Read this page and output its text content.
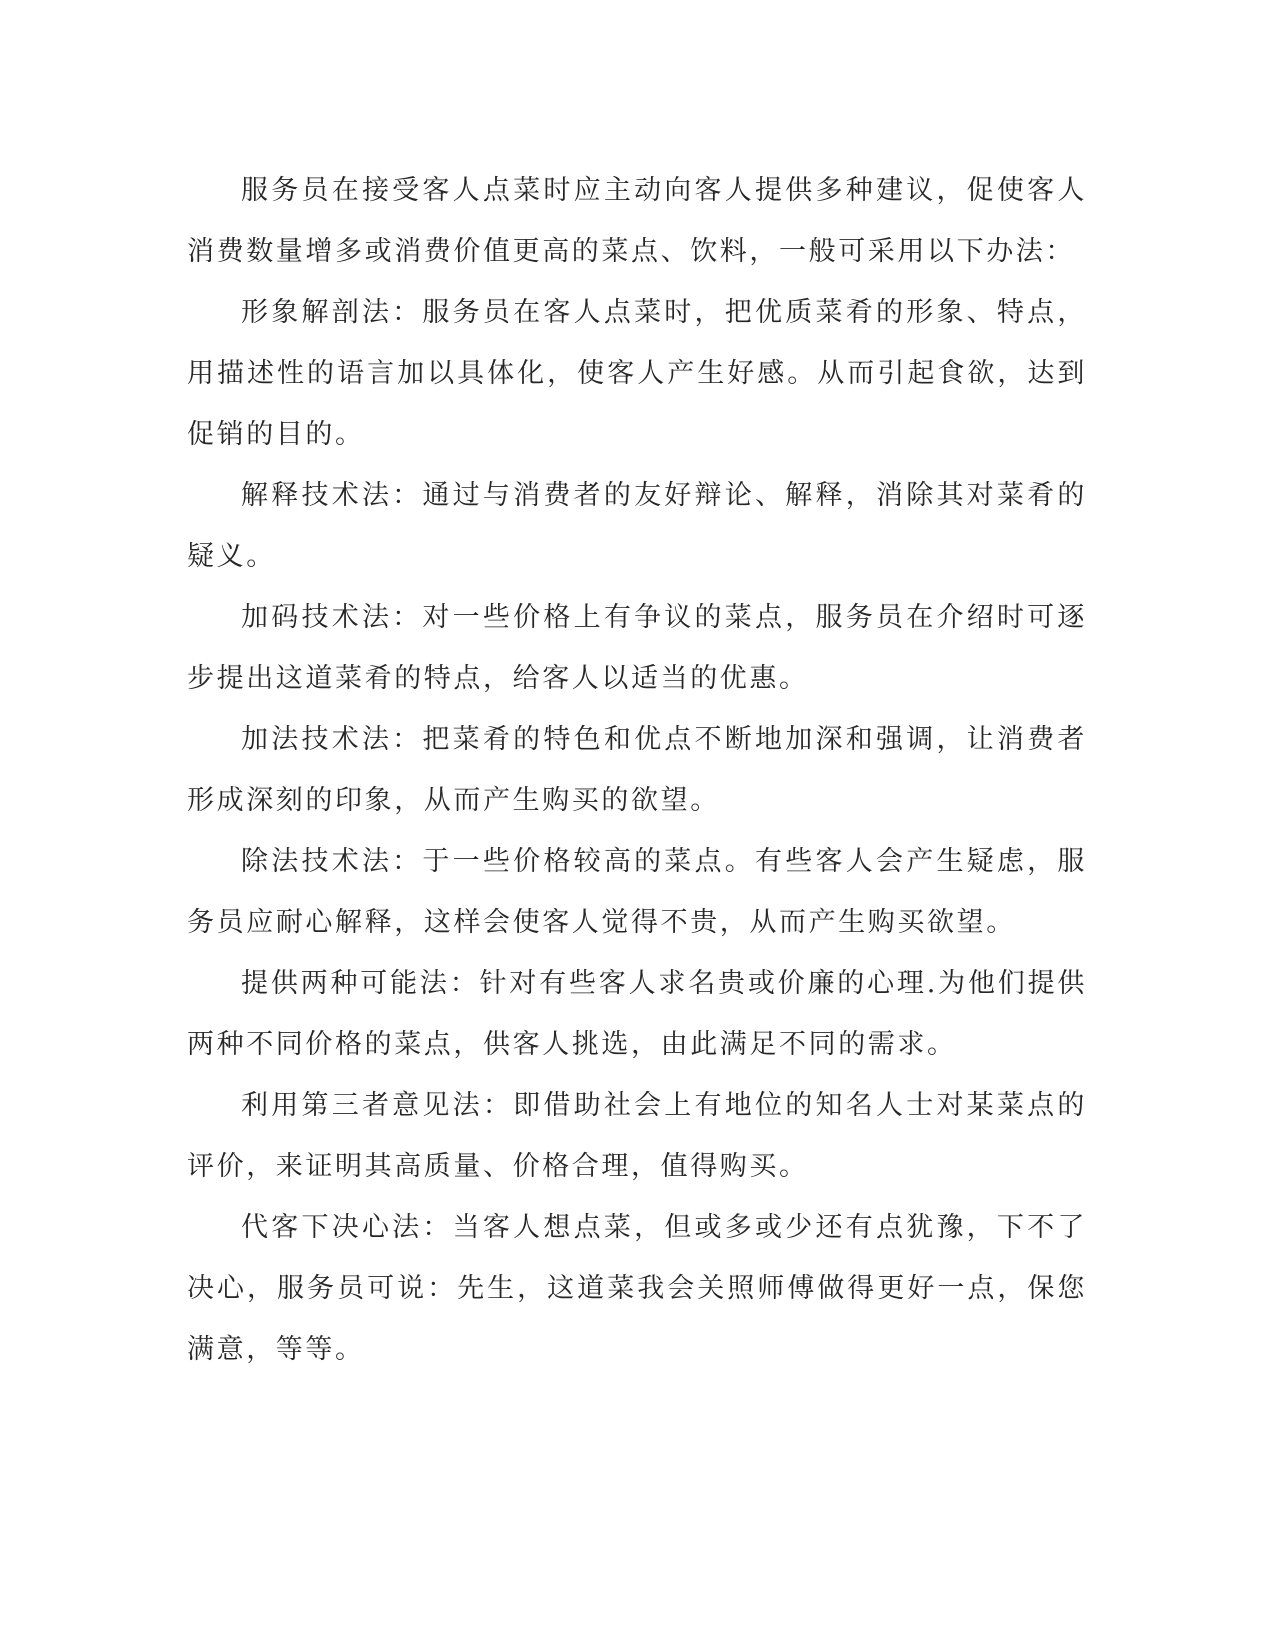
服务员在接受客人点菜时应主动向客人提供多种建议，促使客人消费数量增多或消费价值更高的菜点、饮料，一般可采用以下办法：

形象解剖法：服务员在客人点菜时，把优质菜肴的形象、特点，用描述性的语言加以具体化，使客人产生好感。从而引起食欲，达到促销的目的。

解释技术法：通过与消费者的友好辩论、解释，消除其对菜肴的疑义。

加码技术法：对一些价格上有争议的菜点，服务员在介绍时可逐步提出这道菜肴的特点，给客人以适当的优惠。

加法技术法：把菜肴的特色和优点不断地加深和强调，让消费者形成深刻的印象，从而产生购买的欲望。

除法技术法：于一些价格较高的菜点。有些客人会产生疑虑，服务员应耐心解释，这样会使客人觉得不贵，从而产生购买欲望。

提供两种可能法：针对有些客人求名贵或价廉的心理.为他们提供两种不同价格的菜点，供客人挑选，由此满足不同的需求。

利用第三者意见法：即借助社会上有地位的知名人士对某菜点的评价，来证明其高质量、价格合理，值得购买。

代客下决心法：当客人想点菜，但或多或少还有点犹豫，下不了决心，服务员可说：先生，这道菜我会关照师傅做得更好一点，保您满意，等等。
